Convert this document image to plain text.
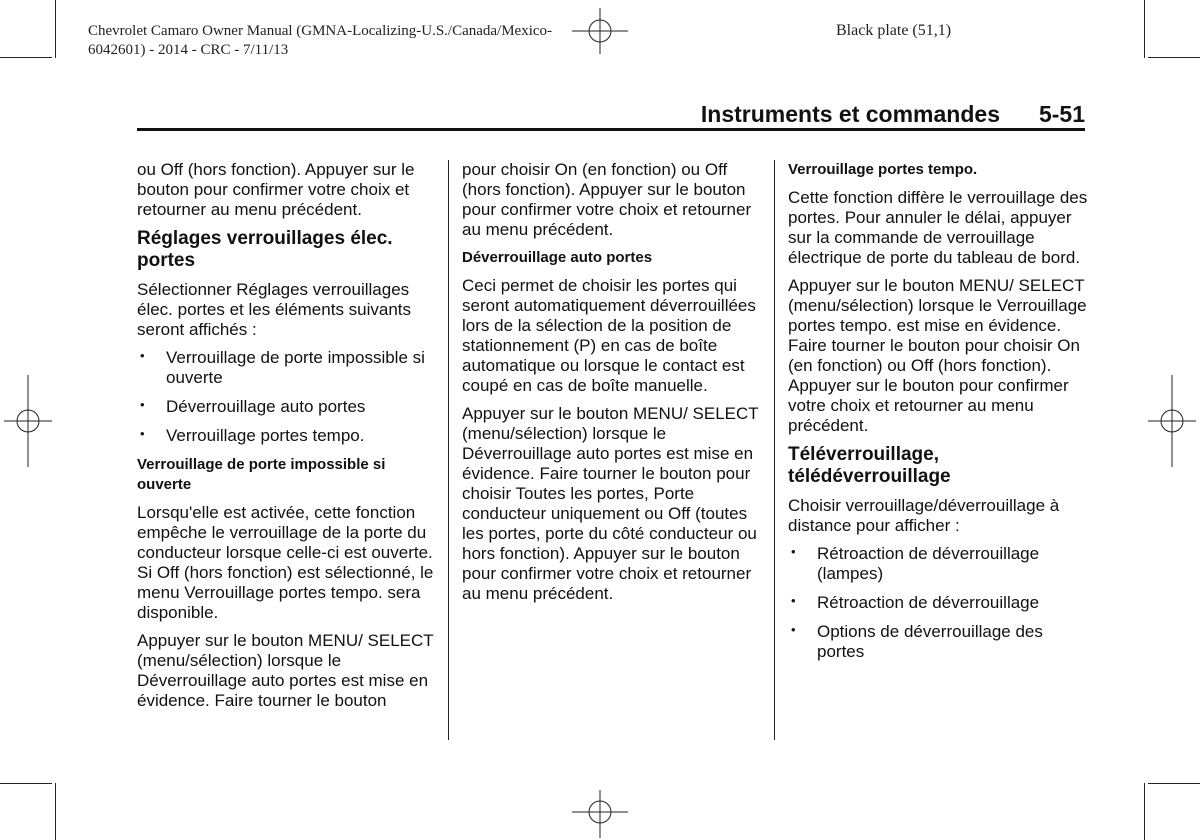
Chevrolet Camaro Owner Manual (GMNA-Localizing-U.S./Canada/Mexico-
6042601) - 2014 - CRC - 7/11/13
Black plate (51,1)
Instruments et commandes	5-51

ou Off (hors fonction). Appuyer sur le bouton pour confirmer votre choix et retourner au menu précédent.

Réglages verrouillages élec. portes

Sélectionner Réglages verrouillages élec. portes et les éléments suivants seront affichés :

• Verrouillage de porte impossible si ouverte
• Déverrouillage auto portes
• Verrouillage portes tempo.
Verrouillage de porte impossible si ouverte

Lorsqu'elle est activée, cette fonction empêche le verrouillage de la porte du conducteur lorsque celle-ci est ouverte. Si Off (hors fonction) est sélectionné, le menu Verrouillage portes tempo. sera disponible.

Appuyer sur le bouton MENU/ SELECT (menu/sélection) lorsque le Déverrouillage auto portes est mise en évidence. Faire tourner le bouton

pour choisir On (en fonction) ou Off (hors fonction). Appuyer sur le bouton pour confirmer votre choix et retourner au menu précédent.

Déverrouillage auto portes

Ceci permet de choisir les portes qui seront automatiquement déverrouillées lors de la sélection de la position de stationnement (P) en cas de boîte automatique ou lorsque le contact est coupé en cas de boîte manuelle.

Appuyer sur le bouton MENU/ SELECT (menu/sélection) lorsque le Déverrouillage auto portes est mise en évidence. Faire tourner le bouton pour choisir Toutes les portes, Porte conducteur uniquement ou Off (toutes les portes, porte du côté conducteur ou hors fonction). Appuyer sur le bouton pour confirmer votre choix et retourner au menu précédent.

Verrouillage portes tempo.

Cette fonction diffère le verrouillage des portes. Pour annuler le délai, appuyer sur la commande de verrouillage électrique de porte du tableau de bord.

Appuyer sur le bouton MENU/ SELECT (menu/sélection) lorsque le Verrouillage portes tempo. est mise en évidence. Faire tourner le bouton pour choisir On (en fonction) ou Off (hors fonction). Appuyer sur le bouton pour confirmer votre choix et retourner au menu précédent.

Téléverrouillage, télédéverrouillage

Choisir verrouillage/déverrouillage à distance pour afficher :

• Rétroaction de déverrouillage (lampes)
• Rétroaction de déverrouillage
• Options de déverrouillage des portes
